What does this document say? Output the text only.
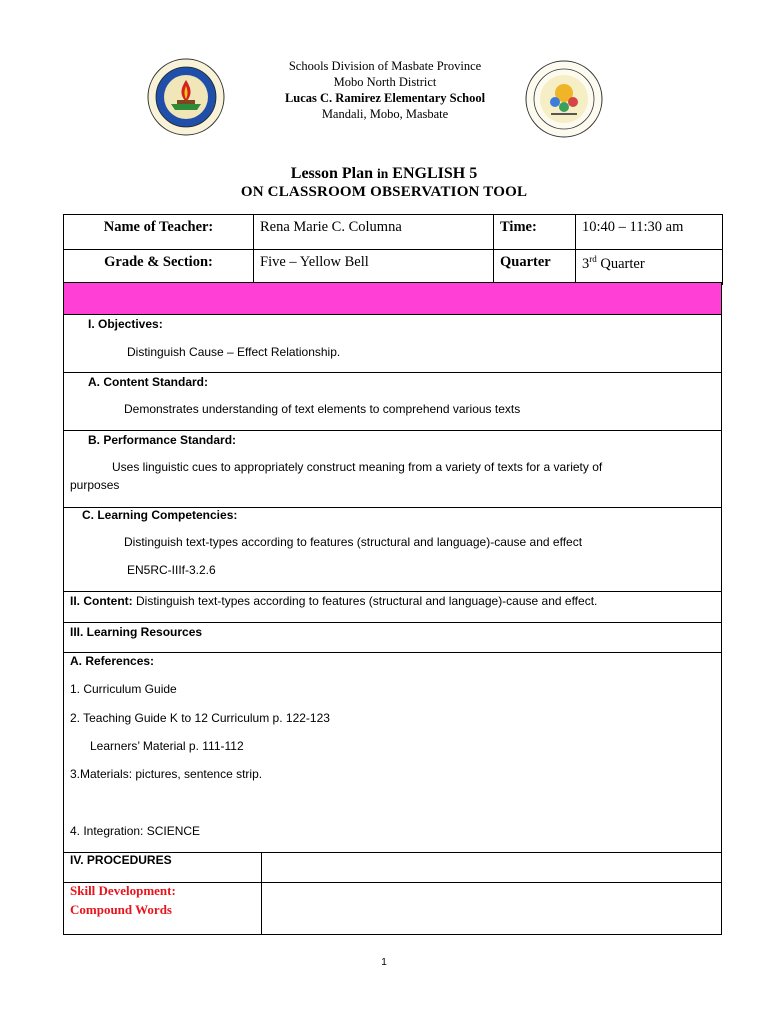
Schools Division of Masbate Province
Mobo North District
Lucas C. Ramirez Elementary School
Mandali, Mobo, Masbate
Lesson Plan in ENGLISH 5
ON CLASSROOM OBSERVATION TOOL
Name of Teacher:	Rena Marie C. Columna	Time:	10:40 – 11:30 am
Grade & Section:	Five – Yellow Bell	Quarter	3rd Quarter
I. Objectives:
Distinguish Cause – Effect Relationship.
A. Content Standard:
Demonstrates understanding of text elements to comprehend various texts
B. Performance Standard:
Uses linguistic cues to appropriately construct meaning from a variety of texts for a variety of
purposes
C. Learning Competencies:
Distinguish text-types according to features (structural and language)-cause and effect
EN5RC-IIIf-3.2.6
II. Content: Distinguish text-types according to features (structural and language)-cause and effect.
III. Learning Resources
A. References:
1. Curriculum Guide
2. Teaching Guide K to 12 Curriculum p. 122-123
Learners’ Material p. 111-112
3.Materials: pictures, sentence strip.
4. Integration: SCIENCE
IV. PROCEDURES
Skill Development:
Compound Words
1
